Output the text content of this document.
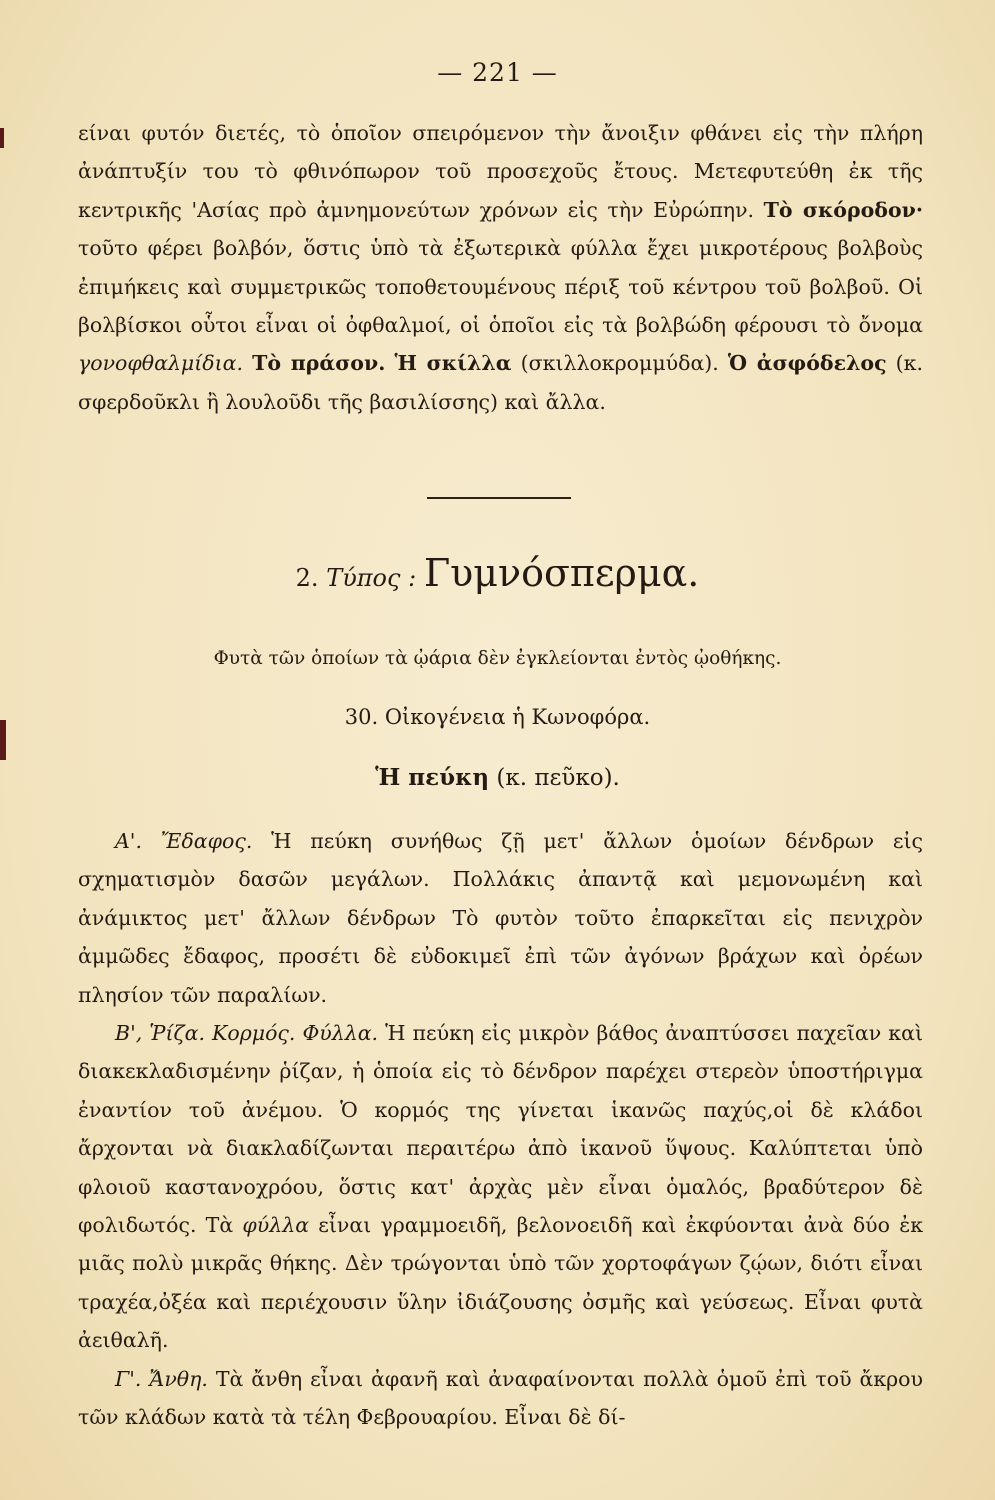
— 221 —

είναι φυτόν διετές, τὸ ὁποῖον σπειρόμενον τὴν ἄνοιξιν φθάνει εἰς τὴν πλήρη ἀνάπτυξίν του τὸ φθινόπωρον τοῦ προσεχοῦς ἔτους. Μετεφυτεύθη ἐκ τῆς κεντρικῆς 'Ασίας πρὸ ἀμνημονεύτων χρόνων εἰς τὴν Εὐρώπην. Τὸ σκόροδον· τοῦτο φέρει βολβόν, ὅστις ὑπὸ τὰ ἐξωτερικὰ φύλλα ἔχει μικροτέρους βολβοὺς ἐπιμήκεις καὶ συμμετρικῶς τοποθετουμένους πέριξ τοῦ κέντρου τοῦ βολβοῦ. Οἱ βολβίσκοι οὗτοι εἶναι οἱ ὀφθαλμοί, οἱ ὁποῖοι εἰς τὰ βολβώδη φέρουσι τὸ ὄνομα γονοφθαλμίδια. Τὸ πράσον. Ἡ σκίλλα (σκιλλοκρομμύδα). Ὁ ἀσφόδελος (κ. σφερδοῦκλι ἢ λουλοῦδι τῆς βασιλίσσης) καὶ ἄλλα.

2. Τύπος : Γυμνόσπερμα.
Φυτὰ τῶν ὁποίων τὰ ᾠάρια δὲν ἐγκλείονται ἐντὸς ᾠοθήκης.
30. Οἰκογένεια ἡ Κωνοφόρα.
Ἡ πεύκη (κ. πεῦκο).

Α'. Ἔδαφος. Ἡ πεύκη συνήθως ζῇ μετ' ἄλλων ὁμοίων δένδρων εἰς σχηματισμὸν δασῶν μεγάλων. Πολλάκις ἀπαντᾷ καὶ μεμονωμένη καὶ ἀνάμικτος μετ' ἄλλων δένδρων Τὸ φυτὸν τοῦτο ἐπαρκεῖται εἰς πενιχρὸν ἀμμῶδες ἔδαφος, προσέτι δὲ εὐδοκιμεῖ ἐπὶ τῶν ἀγόνων βράχων καὶ ὀρέων πλησίον τῶν παραλίων.

Β', Ῥίζα. Κορμός. Φύλλα. Ἡ πεύκη εἰς μικρὸν βάθος ἀναπτύσσει παχεῖαν καὶ διακεκλαδισμένην ῥίζαν, ἡ ὁποία εἰς τὸ δένδρον παρέχει στερεὸν ὑποστήριγμα ἐναντίον τοῦ ἀνέμου. Ὁ κορμός της γίνεται ἱκανῶς παχύς,οἱ δὲ κλάδοι ἄρχονται νὰ διακλαδίζωνται περαιτέρω ἀπὸ ἱκανοῦ ὕψους. Καλύπτεται ὑπὸ φλοιοῦ καστανοχρόου, ὅστις κατ' ἀρχὰς μὲν εἶναι ὁμαλός, βραδύτερον δὲ φολιδωτός. Τὰ φύλλα εἶναι γραμμοειδῆ, βελονοειδῆ καὶ ἐκφύονται ἀνὰ δύο ἐκ μιᾶς πολὺ μικρᾶς θήκης. Δὲν τρώγονται ὑπὸ τῶν χορτοφάγων ζῴων, διότι εἶναι τραχέα,ὀξέα καὶ περιέχουσιν ὕλην ἰδιάζουσης ὀσμῆς καὶ γεύσεως. Εἶναι φυτὰ ἀειθαλῆ.

Γ'. Ἄνθη. Τὰ ἄνθη εἶναι ἀφανῆ καὶ ἀναφαίνονται πολλὰ ὁμοῦ ἐπὶ τοῦ ἄκρου τῶν κλάδων κατὰ τὰ τέλη Φεβρουαρίου. Εἶναι δὲ δί-
